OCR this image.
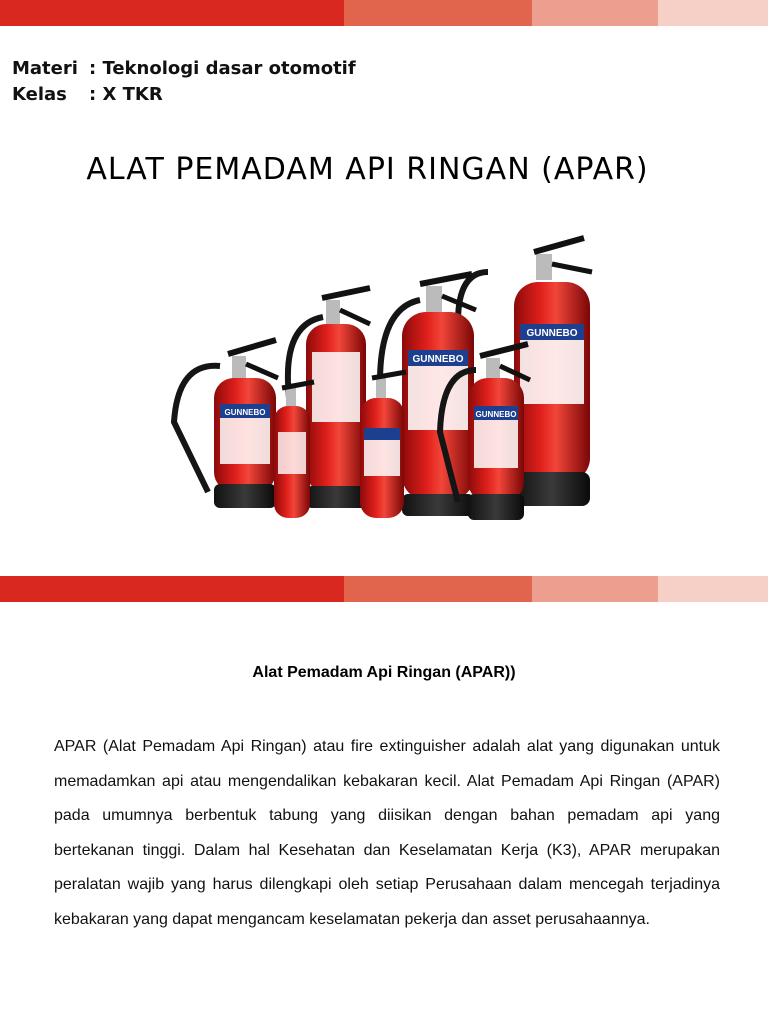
Materi : Teknologi dasar otomotif
Kelas	: X TKR
ALAT PEMADAM API RINGAN (APAR)
GUNNEBO
GUNNEBO
GUNNEBO	GUNNEBO
Alat Pemadam Api Ringan (APAR))
APAR (Alat Pemadam Api Ringan) atau fire extinguisher adalah alat yang digunakan untuk memadamkan api atau mengendalikan kebakaran kecil. Alat Pemadam Api Ringan (APAR) pada umumnya berbentuk tabung yang diisikan dengan bahan pemadam api yang bertekanan tinggi. Dalam hal Kesehatan dan Keselamatan Kerja (K3), APAR merupakan peralatan wajib yang harus dilengkapi oleh setiap Perusahaan dalam mencegah terjadinya kebakaran yang dapat mengancam keselamatan pekerja dan asset perusahaannya.
